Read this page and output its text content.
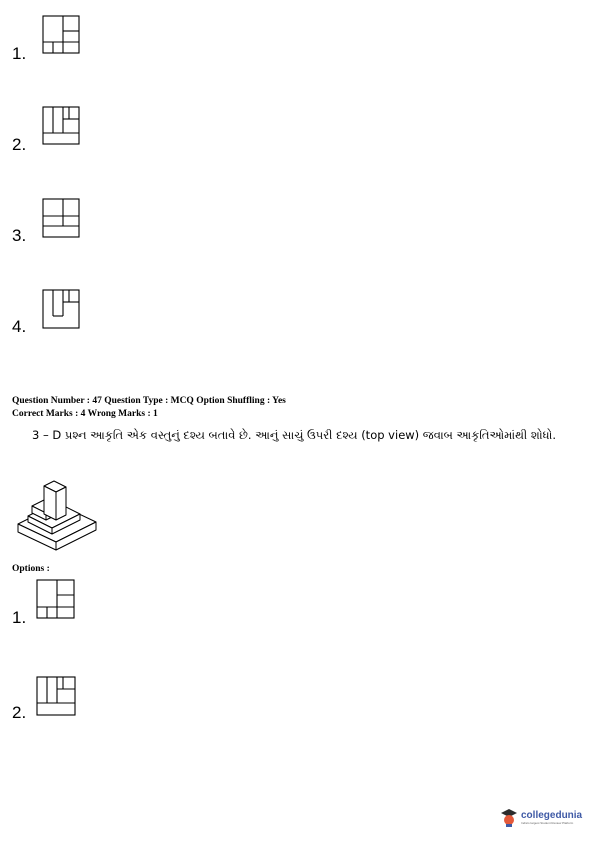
1.
2.
3.
4.
Question Number : 47 Question Type : MCQ Option Shuffling : Yes
Correct Marks : 4 Wrong Marks : 1
3 – D પ્રશ્ન આકૃતિ એક વસ્તુનું દશ્ય બતાવે છે. આનું સાચું ઉપરી દશ્ય (top view) જવાબ આકૃતિઓમાંથી શોધો.
Options :
1.
2.
collegedunia
India's largest Student Review Platform
